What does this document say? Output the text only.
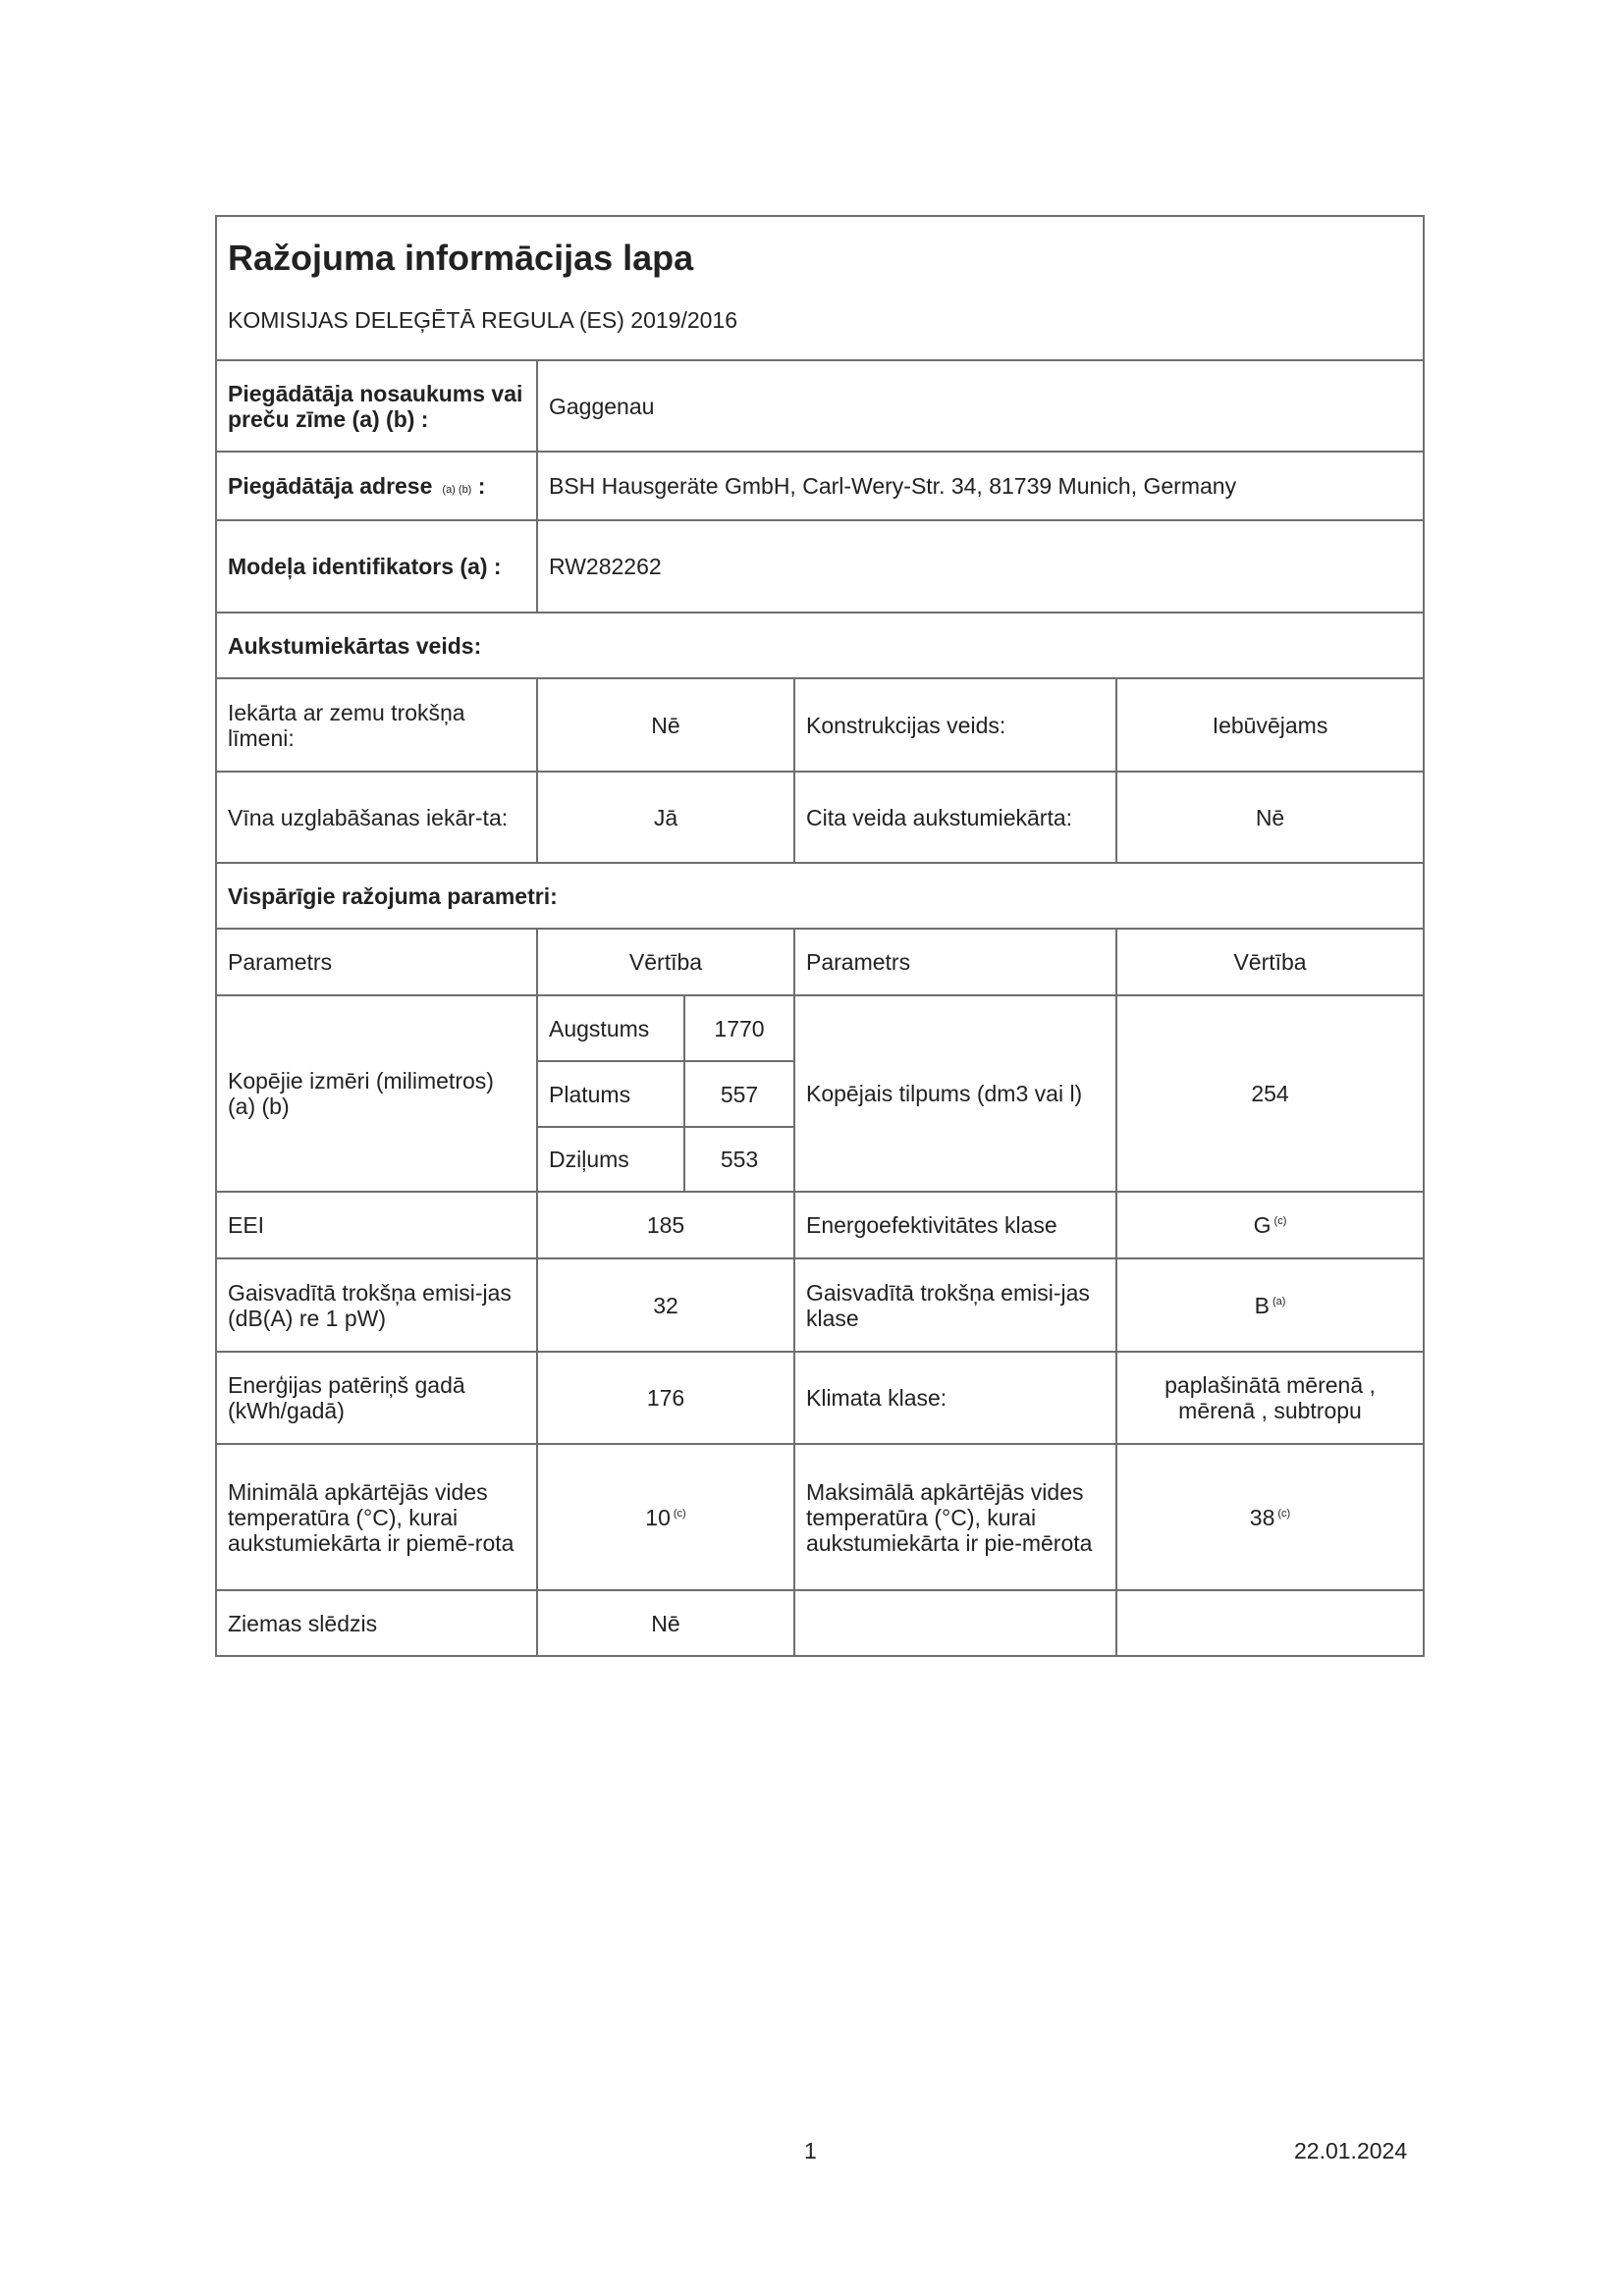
Ražojuma informācijas lapa
KOMISIJAS DELEĢĒTĀ REGULA (ES) 2019/2016				

Piegādātāja nosaukums vai preču zīme (a) (b) :	Gaggenau			
Piegādātāja adrese $^{(a) (b)}$ :	BSH Hausgeräte GmbH, Carl-Wery-Str. 34, 81739 Munich, Germany			
Modeļa identifikators (a) :	RW282262			
Aukstumiekārtas veids:				
Iekārta ar zemu trokšņa līmeni:	Nē		Konstrukcijas veids:	Iebūvējams
Vīna uzglabāšanas iekār-ta:	Jā		Cita veida aukstumiekārta:	Nē
Vispārīgie ražojuma parametri:				
Parametrs	Vērtība		Parametrs	Vērtība
Kopējie izmēri (milimetros) (a) (b)	Augstums	1770	Kopējais tilpums (dm3 vai l)	254
	Platums	557		
	Dziļums	553		
EEI	185		Energoefektivitātes klase	G $^{(c)}$
Gaisvadītā trokšņa emisi-jas (dB(A) re 1 pW)	32		Gaisvadītā trokšņa emisi-jas klase	B $^{(a)}$
Enerģijas patēriņš gadā (kWh/gadā)	176		Klimata klase:	paplašinātā mērenā , mērenā , subtropu
Minimālā apkārtējās vides temperatūra (°C), kurai aukstumiekārta ir piemē-rota	10 $^{(c)}$		Maksimālā apkārtējās vides temperatūra (°C), kurai aukstumiekārta ir pie-mērota	38 $^{(c)}$
Ziemas slēdzis	Nē			
1	22.01.2024
